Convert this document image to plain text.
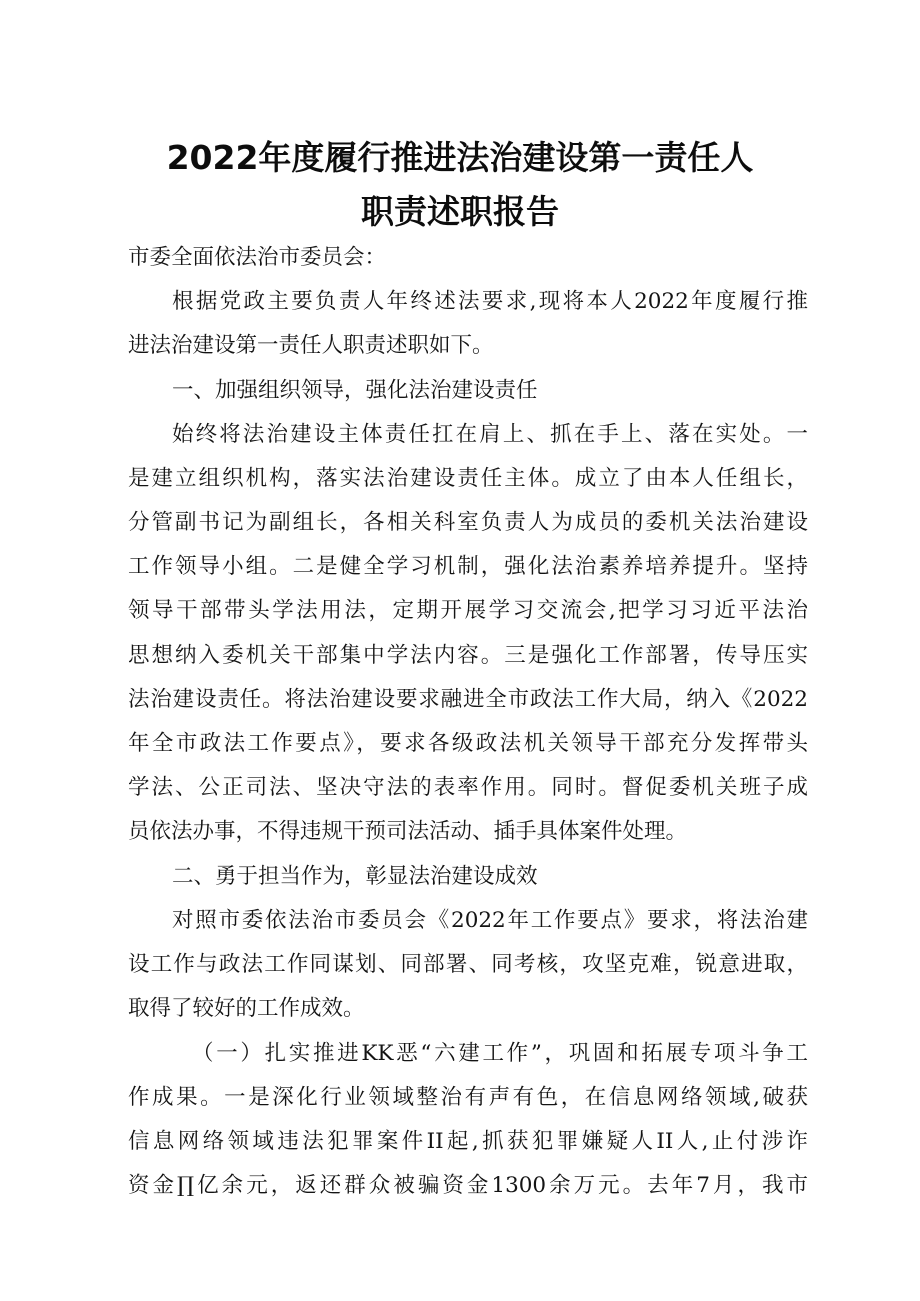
2022年度履行推进法治建设第一责任人
职责述职报告
市委全面依法治市委员会：
根据党政主要负责人年终述法要求,现将本人2022年度履行推
进法治建设第一责任人职责述职如下。
一、加强组织领导，强化法治建设责任
始终将法治建设主体责任扛在肩上、抓在手上、落在实处。一
是建立组织机构，落实法治建设责任主体。成立了由本人任组长，
分管副书记为副组长，各相关科室负责人为成员的委机关法治建设
工作领导小组。二是健全学习机制，强化法治素养培养提升。坚持
领导干部带头学法用法，定期开展学习交流会,把学习习近平法治
思想纳入委机关干部集中学法内容。三是强化工作部署，传导压实
法治建设责任。将法治建设要求融进全市政法工作大局，纳入《2022
年全市政法工作要点》，要求各级政法机关领导干部充分发挥带头
学法、公正司法、坚决守法的表率作用。同时。督促委机关班子成
员依法办事，不得违规干预司法活动、插手具体案件处理。
二、勇于担当作为，彰显法治建设成效
对照市委依法治市委员会《2022年工作要点》要求，将法治建
设工作与政法工作同谋划、同部署、同考核，攻坚克难，锐意进取，
取得了较好的工作成效。
（一）扎实推进KK恶“六建工作”，巩固和拓展专项斗争工
作成果。一是深化行业领域整治有声有色，在信息网络领域,破获
信息网络领域违法犯罪案件II起,抓获犯罪嫌疑人II人,止付涉诈
资金∏亿余元，返还群众被骗资金1300余万元。去年7月，我市
